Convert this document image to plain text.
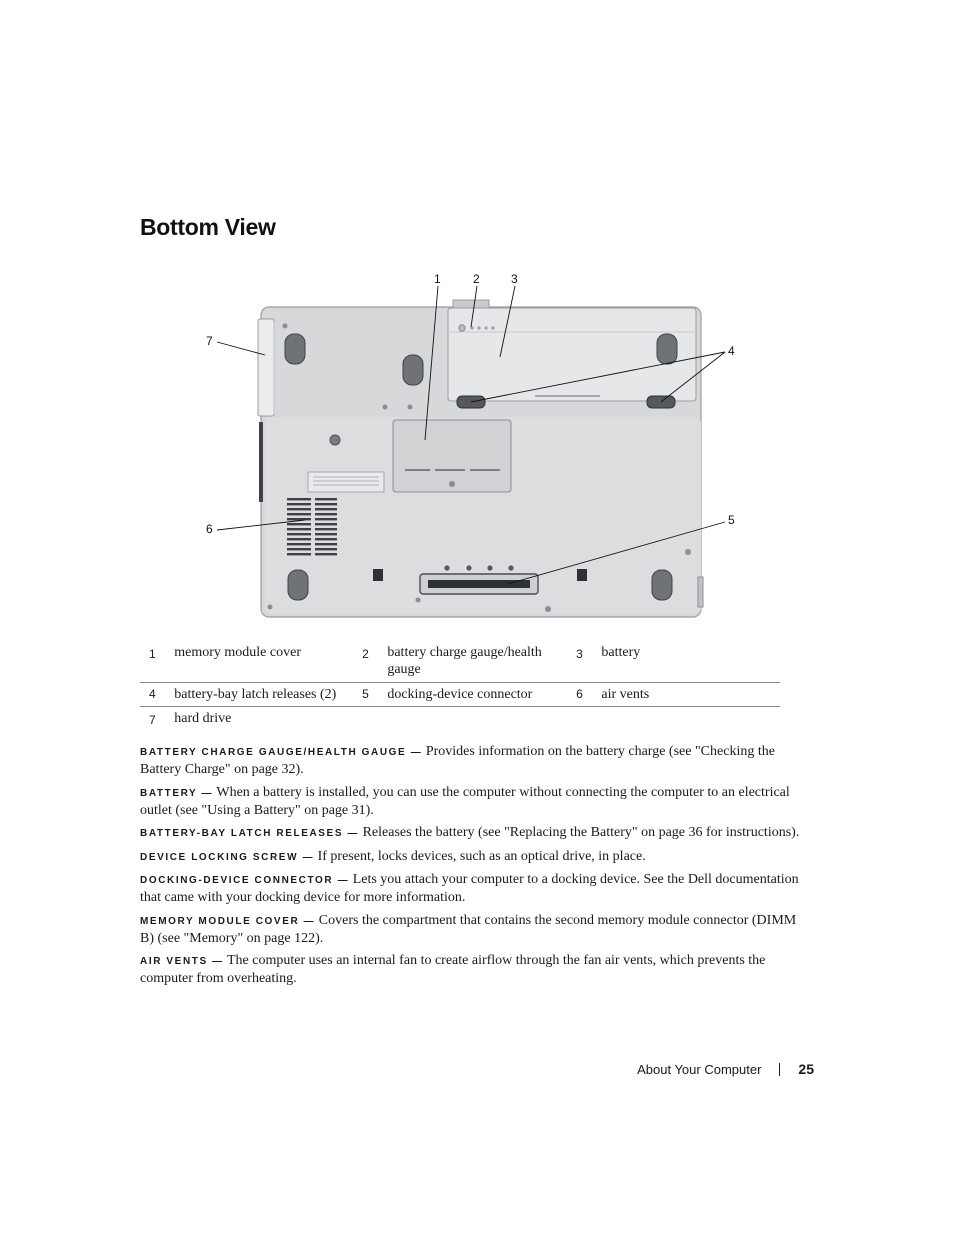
Bottom View
1	2	3
4
5
6
7
1	memory module cover	2	battery charge gauge/health gauge	3	battery
4	battery-bay latch releases (2)	5	docking-device connector	6	air vents
7	hard drive				

BATTERY CHARGE GAUGE/HEALTH GAUGE — Provides information on the battery charge (see "Checking the Battery Charge" on page 32).

BATTERY — When a battery is installed, you can use the computer without connecting the computer to an electrical outlet (see "Using a Battery" on page 31).

BATTERY-BAY LATCH RELEASES — Releases the battery (see "Replacing the Battery" on page 36 for instructions).

DEVICE LOCKING SCREW — If present, locks devices, such as an optical drive, in place.

DOCKING-DEVICE CONNECTOR — Lets you attach your computer to a docking device. See the Dell documentation that came with your docking device for more information.

MEMORY MODULE COVER — Covers the compartment that contains the second memory module connector (DIMM B) (see "Memory" on page 122).

AIR VENTS — The computer uses an internal fan to create airflow through the fan air vents, which prevents the computer from overheating.

About Your Computer	25
